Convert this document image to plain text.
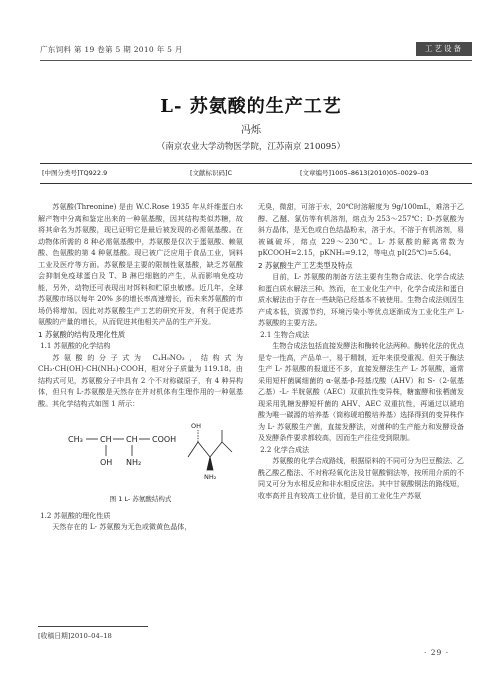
广东饲料 第 19 卷第 5 期 2010 年 5 月	工艺设备
L- 苏氨酸的生产工艺
冯烁
（南京农业大学动物医学院，江苏南京 210095）
[中图分类号]TQ922.9	[文献标识码]C	[文章编号]1005–8613(2010)05–0029–03

苏氨酸(Threonine) 是由 W.C.Rose 1935 年从纤维蛋白水解产物中分离和鉴定出来的一种氨基酸，因其结构类似苏糖，故将其命名为苏氨酸，现已证明它是最后被发现的必需氨基酸。在动物体所需的 8 种必需氨基酸中，苏氨酸是仅次于蛋氨酸、赖氨酸、色氨酸的第 4 种氨基酸。现已被广泛应用于食品工业，饲料工业及医疗等方面。苏氨酸是主要的限制性氨基酸，缺乏苏氨酸会抑制免疫球蛋白及 T、B 淋巴细胞的产生，从而影响免疫功能，另外，动物还可表现出对饵料和贮原虫敏感。近几年，全球苏氨酸市场以每年 20% 多的增长率高速增长，而未来苏氨酸的市场仍将增加。因此对苏氨酸生产工艺的研究开发，有利于促进苏氨酸的产量的增长，从而促进其他相关产品的生产开发。

1 苏氨酸的结构及理化性质

1.1 苏氨酸的化学结构

苏氨酸的分子式为 C₄H₉NO₃，结构式为 CH₃·CH(OH)·CH(NH₂)·COOH，相对分子质量为 119.18。由结构式可见，苏氨酸分子中具有 2 个不对称碳原子，有 4 种异构体，但只有 L-苏氨酸是天然存在并对机体有生理作用的一种氨基酸。其化学结构式如图 1 所示：

CH₃ CH CH COOH
OH NH₂
OH
NH₂
图 1 L- 苏氨酸结构式

1.2 苏氨酸的理化性质

天然存在的 L- 苏氨酸为无色或微黄色晶体，

无臭，微甜，可溶于水，20℃时溶解度为 9g/100mL，难溶于乙醇、乙醚、氯仿等有机溶剂，熔点为 253～257℃；D-苏氨酸为斜方晶体，是无色或白色结晶粉末，溶于水，不溶于有机溶剂，易被碱破坏，熔点 229～230℃。L- 苏氨酸的解离常数为 pKCOOH=2.15，pKNH₂=9.12，等电点 pI(25℃)=5.64。

2 苏氨酸生产工艺类型及特点

目前，L- 苏氨酸的制备方法主要有生物合成法、化学合成法和蛋白质水解法三种。然而，在工业化生产中，化学合成法和蛋白质水解法由于存在一些缺陷已经基本不被使用。生物合成法则因生产成本低，资源节约，环境污染小等优点逐渐成为工业化生产 L- 苏氨酸的主要方法。

2.1 生物合成法

生物合成法包括直接发酵法和酶转化法两种。酶转化法的优点是专一性高，产品单一，易于精制，近年来很受重视。但关于酶法生产 L- 苏氨酸的报道还不多，直接发酵法生产 L- 苏氨酸，通常采用短杆菌属细菌的 α-氨基-β-羟基戊酸（AHV）和 S-（2-氨基乙基）-L- 半胱氨酸（AEC）双重抗性变异株，糖蜜酵和张栖菌发现采用乳糖发酵短杆菌的 AHV、AEC 双重抗性，再通过以琥珀酸为唯一碳源的培养基（筒称琥珀酸培养基）选择得到的变异株作为 L- 苏氨酸生产菌，直接发酵法，对菌种的生产能力和发酵设备及发酵条件要求都较高，因而生产往往受到限制。

2.2 化学合成法

苏氨酸的化学合成路线，根据原料的不同可分为巴豆酸法、乙酰乙酸乙酯法、不对称羟氧化法及甘氨酸铜法等，按所用介质的不同又可分为水相反应和非水相反应法。其中甘氨酸铜法的路线短，收率高并且有较高工业价值，是目前工业化生产苏氨

[收稿日期]2010–04–18
· 29 ·
